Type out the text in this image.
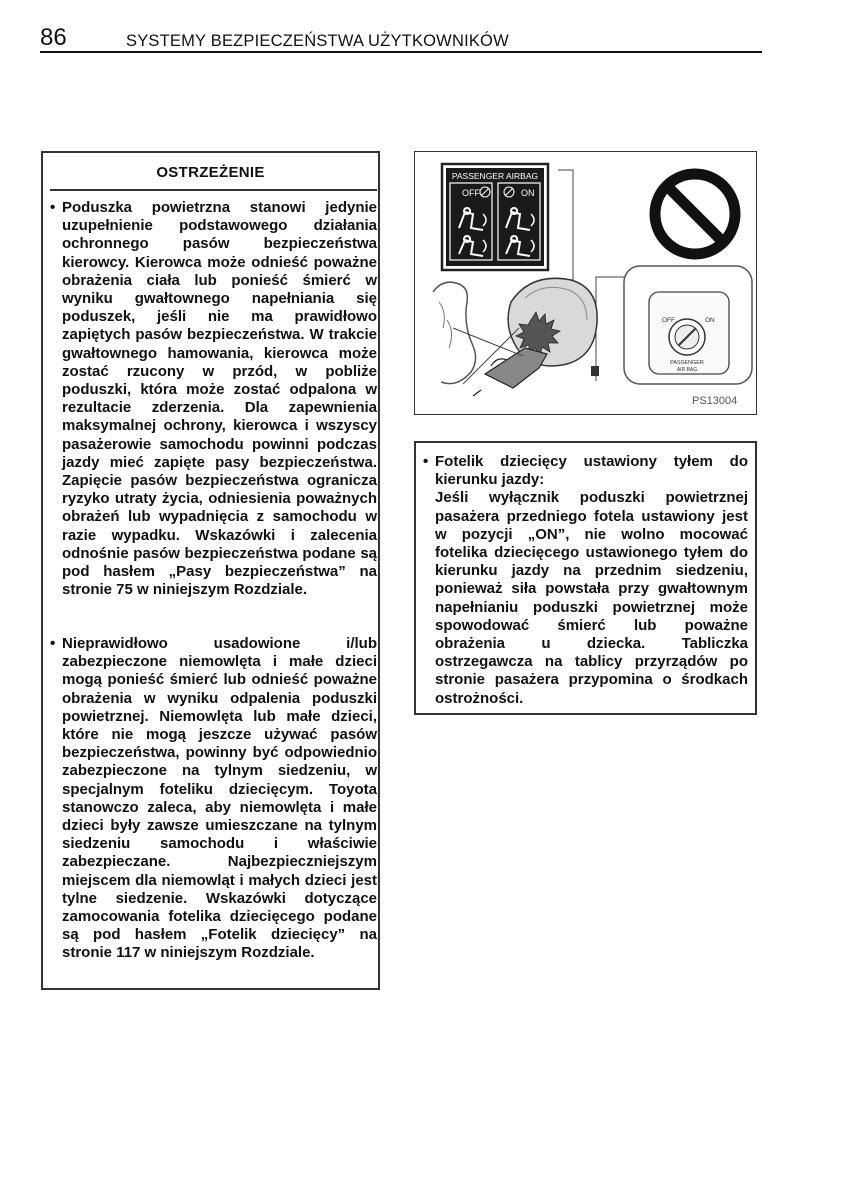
86	SYSTEMY BEZPIECZEŃSTWA UŻYTKOWNIKÓW
OSTRZEŻENIE
• Poduszka powietrzna stanowi jedynie uzupełnienie podstawowego działania ochronnego pasów bezpieczeństwa kierowcy. Kierowca może odnieść poważne obrażenia ciała lub ponieść śmierć w wyniku gwałtownego napełniania się poduszek, jeśli nie ma prawidłowo zapiętych pasów bezpieczeństwa. W trakcie gwałtownego hamowania, kierowca może zostać rzucony w przód, w pobliże poduszki, która może zostać odpalona w rezultacie zderzenia. Dla zapewnienia maksymalnej ochrony, kierowca i wszyscy pasażerowie samochodu powinni podczas jazdy mieć zapięte pasy bezpieczeństwa. Zapięcie pasów bezpieczeństwa ogranicza ryzyko utraty życia, odniesienia poważnych obrażeń lub wypadnięcia z samochodu w razie wypadku. Wskazówki i zalecenia odnośnie pasów bezpieczeństwa podane są pod hasłem „Pasy bezpieczeństwa” na stronie 75 w niniejszym Rozdziale.
• Nieprawidłowo usadowione i/lub zabezpieczone niemowlęta i małe dzieci mogą ponieść śmierć lub odnieść poważne obrażenia w wyniku odpalenia poduszki powietrznej. Niemowlęta lub małe dzieci, które nie mogą jeszcze używać pasów bezpieczeństwa, powinny być odpowiednio zabezpieczone na tylnym siedzeniu, w specjalnym foteliku dziecięcym. Toyota stanowczo zaleca, aby niemowlęta i małe dzieci były zawsze umieszczane na tylnym siedzeniu samochodu i właściwie zabezpieczane. Najbezpieczniejszym miejscem dla niemowląt i małych dzieci jest tylne siedzenie. Wskazówki dotyczące zamocowania fotelika dziecięcego podane są pod hasłem „Fotelik dziecięcy” na stronie 117 w niniejszym Rozdziale.
PASSENGER AIRBAG
OFF	ON
OFF	ON
PASSENGER
AIR BAG
PS13004
• Fotelik dziecięcy ustawiony tyłem do kierunku jazdy:

Jeśli wyłącznik poduszki powietrznej pasażera przedniego fotela ustawiony jest w pozycji „ON”, nie wolno mocować fotelika dziecięcego ustawionego tyłem do kierunku jazdy na przednim siedzeniu, ponieważ siła powstała przy gwałtownym napełnianiu poduszki powietrznej może spowodować śmierć lub poważne obrażenia u dziecka. Tabliczka ostrzegawcza na tablicy przyrządów po stronie pasażera przypomina o środkach ostrożności.
